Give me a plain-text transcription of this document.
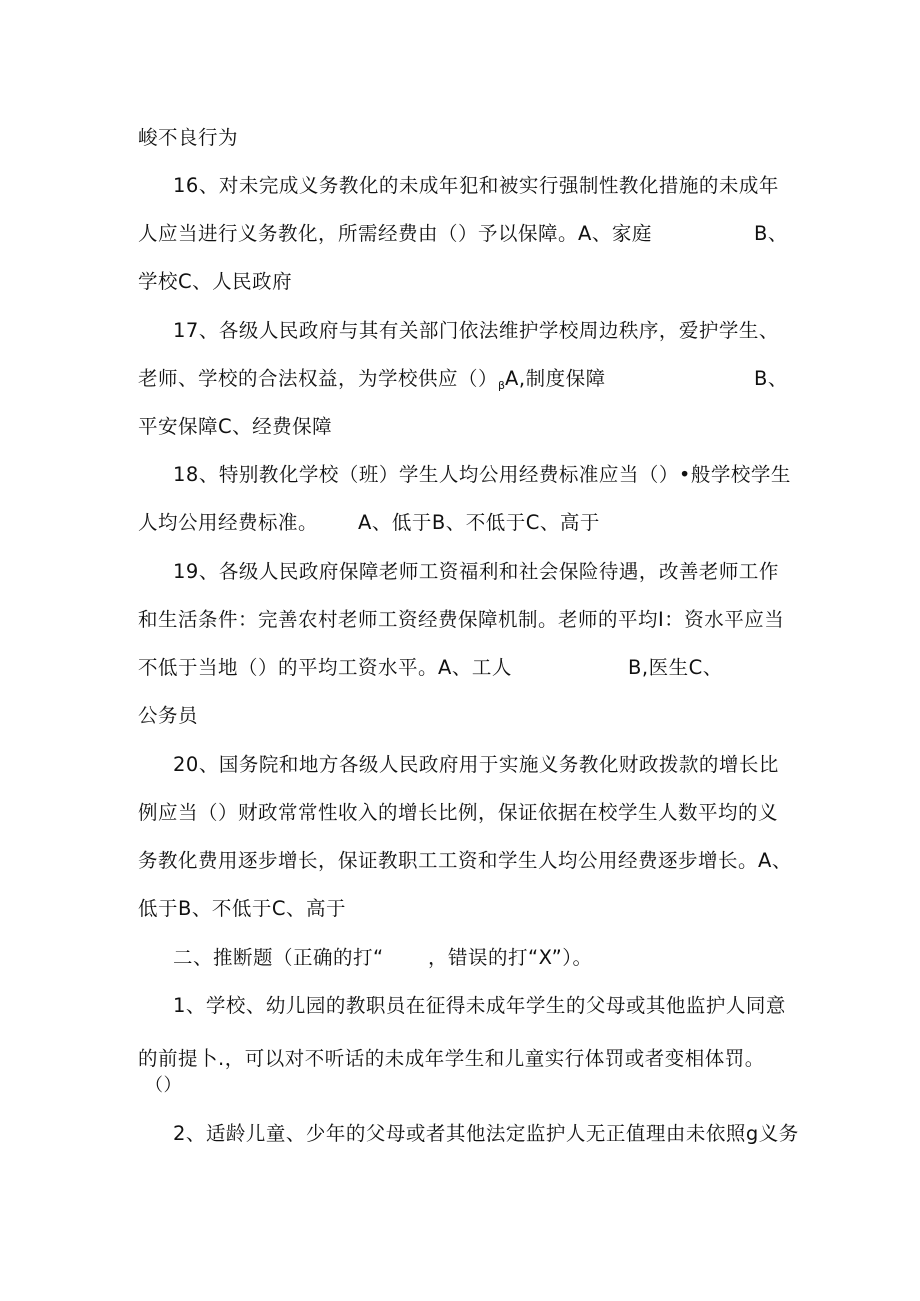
峻不良行为
16、对未完成义务教化的未成年犯和被实行强制性教化措施的未成年
人应当进行义务教化，所需经费由（）予以保障。A、家庭	B、
学校C、人民政府
17、各级人民政府与其有关部门依法维护学校周边秩序，爱护学生、
老师、学校的合法权益，为学校供应$()_\beta A$,制度保障	B、
平安保障C、经费保障
18、特别教化学校（班）学生人均公用经费标准应当（）•般学校学生
人均公用经费标准。 A、低于B、不低于C、高于
19、各级人民政府保障老师工资福利和社会保险待遇，改善老师工作
和生活条件：完善农村老师工资经费保障机制。老师的平均I：资水平应当
不低于当地（）的平均工资水平。A、工人	B,医生C、
公务员
20、国务院和地方各级人民政府用于实施义务教化财政拨款的增长比
例应当（）财政常常性收入的增长比例，保证依据在校学生人数平均的义
务教化费用逐步增长，保证教职工工资和学生人均公用经费逐步增长。A、
低于B、不低于C、高于
二、推断题（正确的打“ ，错误的打“X”）。
1、学校、幼儿园的教职员在征得未成年学生的父母或其他监护人同意
的前提卜.，可以对不听话的未成年学生和儿童实行体罚或者变相体罚。
（）
2、适龄儿童、少年的父母或者其他法定监护人无正值理由未依照g义务
